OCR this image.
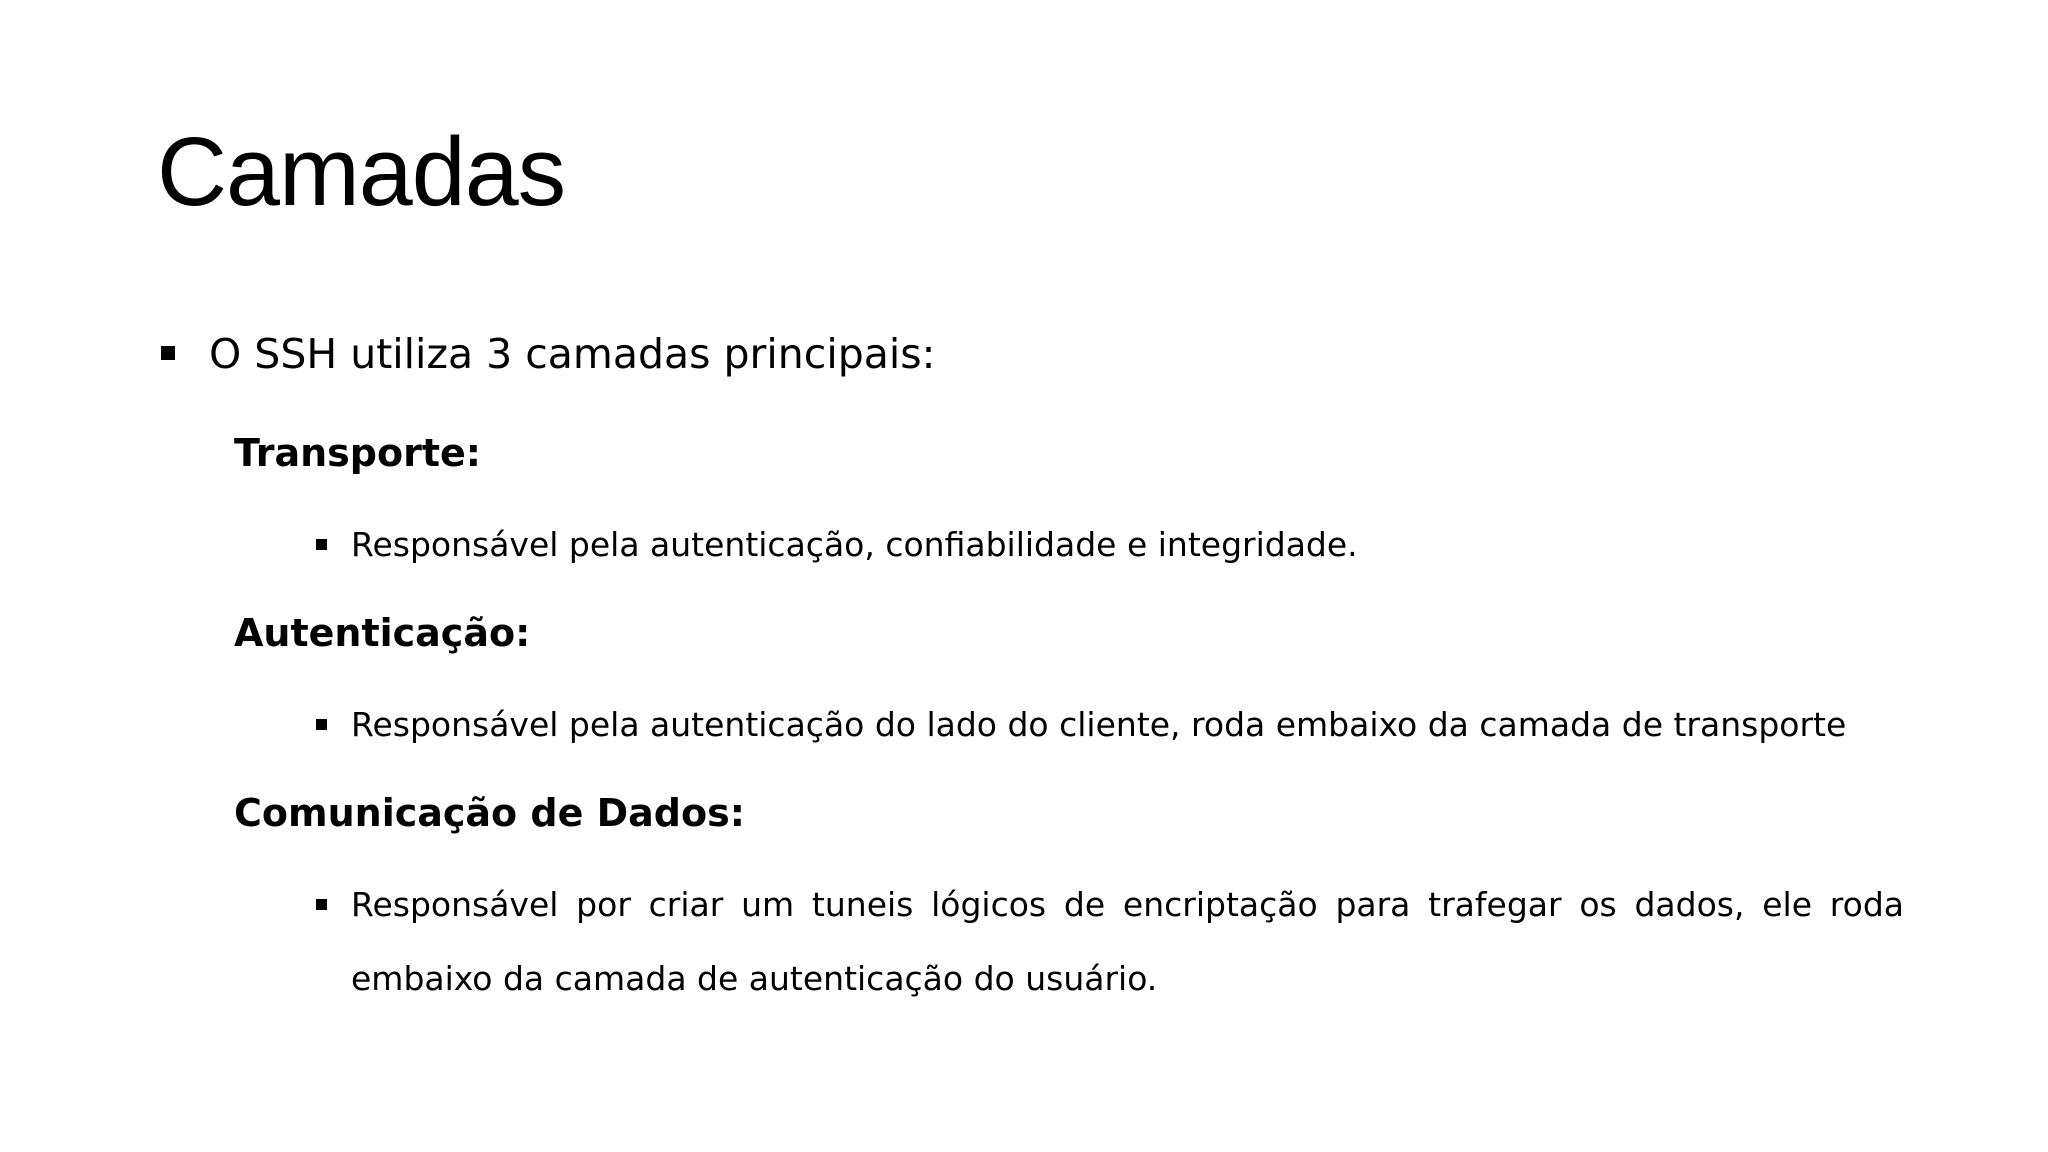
Camadas
O SSH utiliza 3 camadas principais:
Transporte:
Responsável pela autenticação, confiabilidade e integridade.
Autenticação:
Responsável pela autenticação do lado do cliente, roda embaixo da camada de transporte
Comunicação de Dados:
Responsável por criar um tuneis lógicos de encriptação para trafegar os dados, ele roda embaixo da camada de autenticação do usuário.
